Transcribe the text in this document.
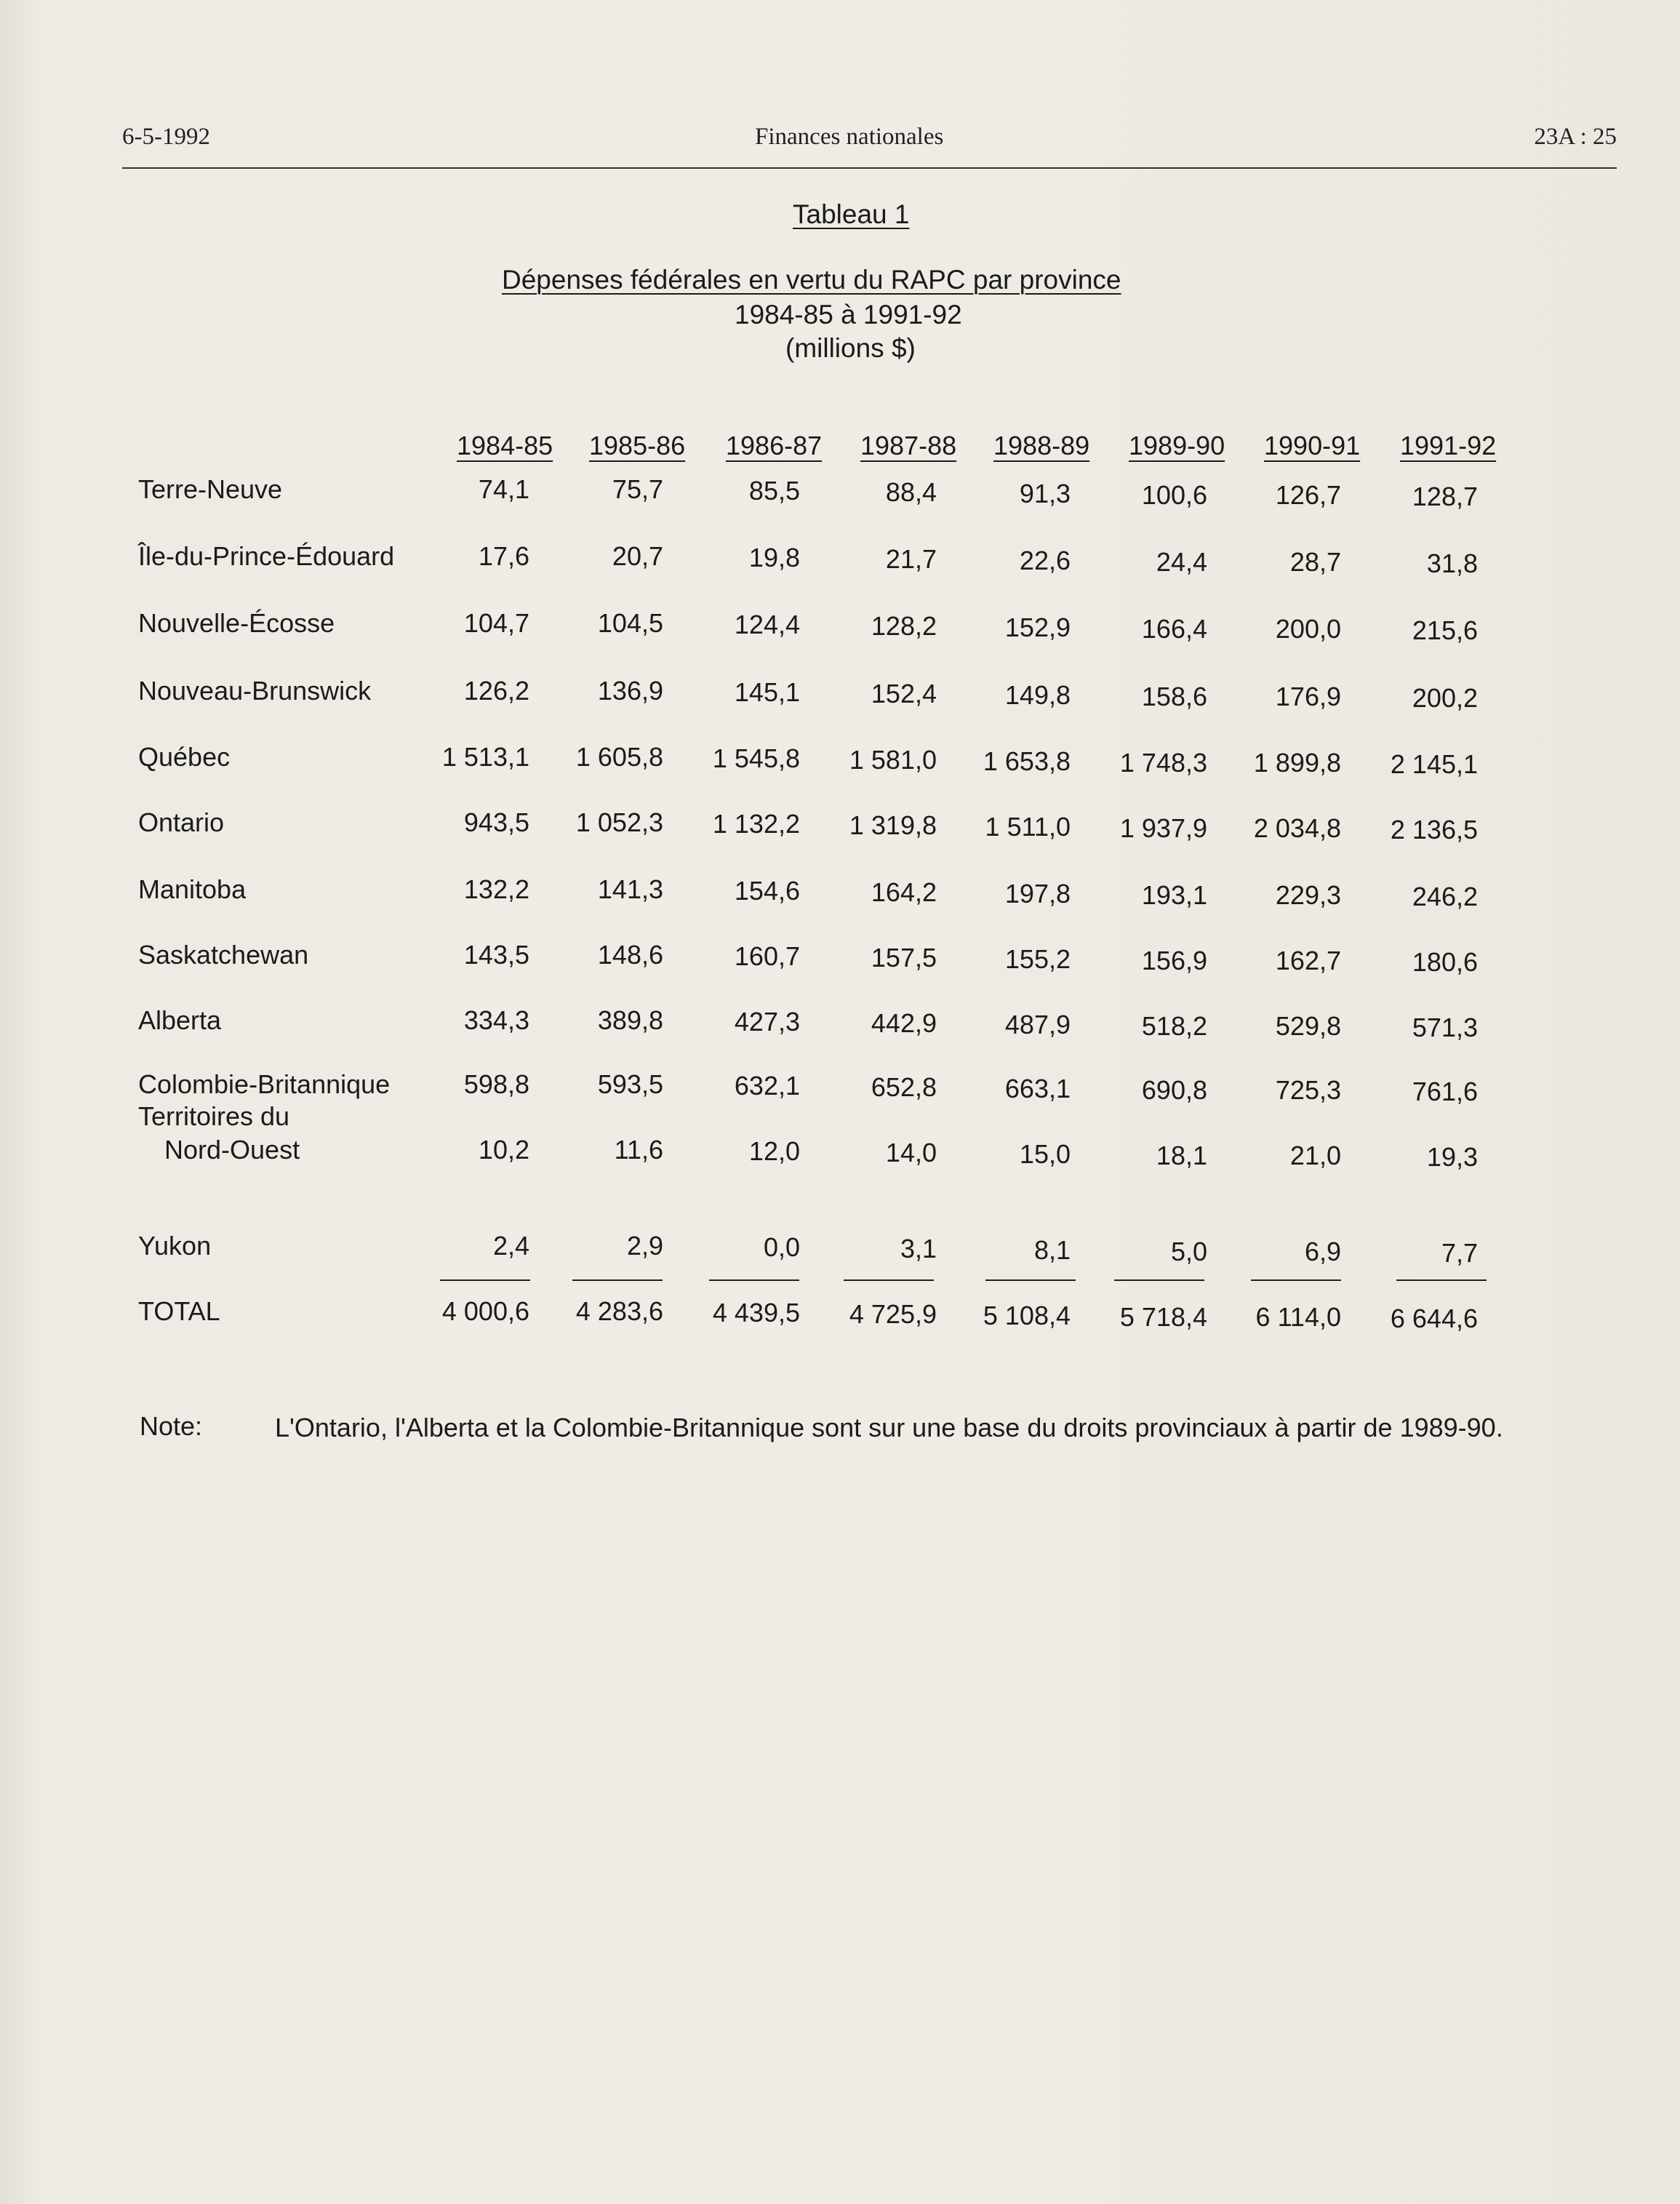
6-5-1992	Finances nationales	23A : 25
Tableau 1
Dépenses fédérales en vertu du RAPC par province
1984-85 à 1991-92
(millions $)
1984-85 1985-86 1986-87 1987-88 1988-89 1989-90 1990-91 1991-92
Terre-Neuve	74,1	75,7	85,5	88,4	91,3	100,6	126,7	128,7
Île-du-Prince-Édouard	17,6	20,7	19,8	21,7	22,6	24,4	28,7	31,8
Nouvelle-Écosse	104,7	104,5	124,4	128,2	152,9	166,4	200,0	215,6
Nouveau-Brunswick	126,2	136,9	145,1	152,4	149,8	158,6	176,9	200,2
Québec	1 513,1	1 605,8	1 545,8	1 581,0	1 653,8	1 748,3	1 899,8	2 145,1
Ontario	943,5	1 052,3	1 132,2	1 319,8	1 511,0	1 937,9	2 034,8	2 136,5
Manitoba	132,2	141,3	154,6	164,2	197,8	193,1	229,3	246,2
Saskatchewan	143,5	148,6	160,7	157,5	155,2	156,9	162,7	180,6
Alberta	334,3	389,8	427,3	442,9	487,9	518,2	529,8	571,3
Colombie-Britannique	598,8	593,5	632,1	652,8	663,1	690,8	725,3	761,6
Territoires du
Nord-Ouest	10,2	11,6	12,0	14,0	15,0	18,1	21,0	19,3
Yukon	2,4	2,9	0,0	3,1	8,1	5,0	6,9	7,7
TOTAL	4 000,6	4 283,6	4 439,5	4 725,9	5 108,4	5 718,4	6 114,0	6 644,6
Note:	L'Ontario, l'Alberta et la Colombie-Britannique sont sur une base du droits provinciaux à partir de 1989-90.
